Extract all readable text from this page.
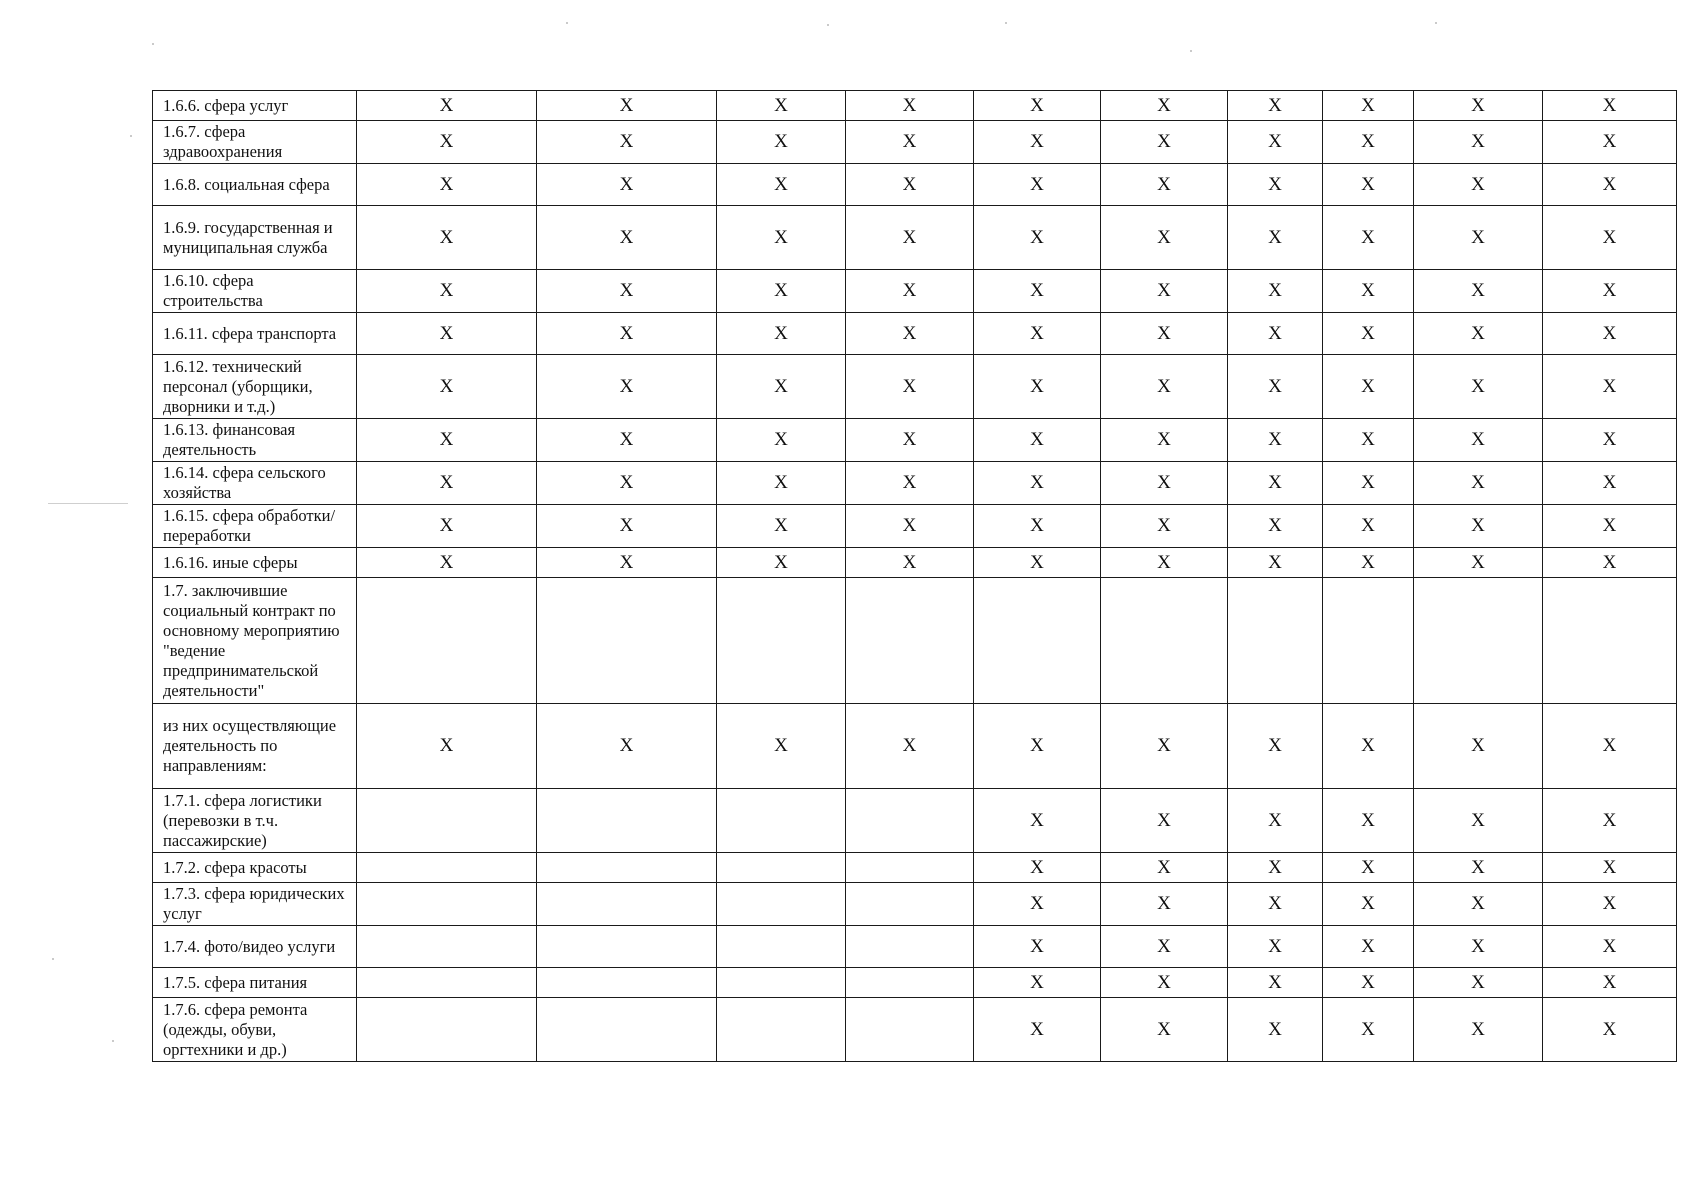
1.6.6. сфера услуг	X	X	X	X	X	X	X	X	X	X
1.6.7. сфера здравоохранения	X	X	X	X	X	X	X	X	X	X
1.6.8. социальная сфера	X	X	X	X	X	X	X	X	X	X
1.6.9. государственная и муниципальная служба	X	X	X	X	X	X	X	X	X	X
1.6.10. сфера строительства	X	X	X	X	X	X	X	X	X	X
1.6.11. сфера транспорта	X	X	X	X	X	X	X	X	X	X
1.6.12. технический персонал (уборщики, дворники и т.д.)	X	X	X	X	X	X	X	X	X	X
1.6.13. финансовая деятельность	X	X	X	X	X	X	X	X	X	X
1.6.14. сфера сельского хозяйства	X	X	X	X	X	X	X	X	X	X
1.6.15. сфера обработки/переработки	X	X	X	X	X	X	X	X	X	X
1.6.16. иные сферы	X	X	X	X	X	X	X	X	X	X
1.7. заключившие социальный контракт по основному мероприятию "ведение предпринимательской деятельности"										
из них осуществляющие деятельность по направлениям:	X	X	X	X	X	X	X	X	X	X
1.7.1. сфера логистики (перевозки в т.ч. пассажирские)					X	X	X	X	X	X
1.7.2. сфера красоты					X	X	X	X	X	X
1.7.3. сфера юридических услуг					X	X	X	X	X	X
1.7.4. фото/видео услуги					X	X	X	X	X	X
1.7.5. сфера питания					X	X	X	X	X	X
1.7.6. сфера ремонта (одежды, обуви, оргтехники и др.)					X	X	X	X	X	X
